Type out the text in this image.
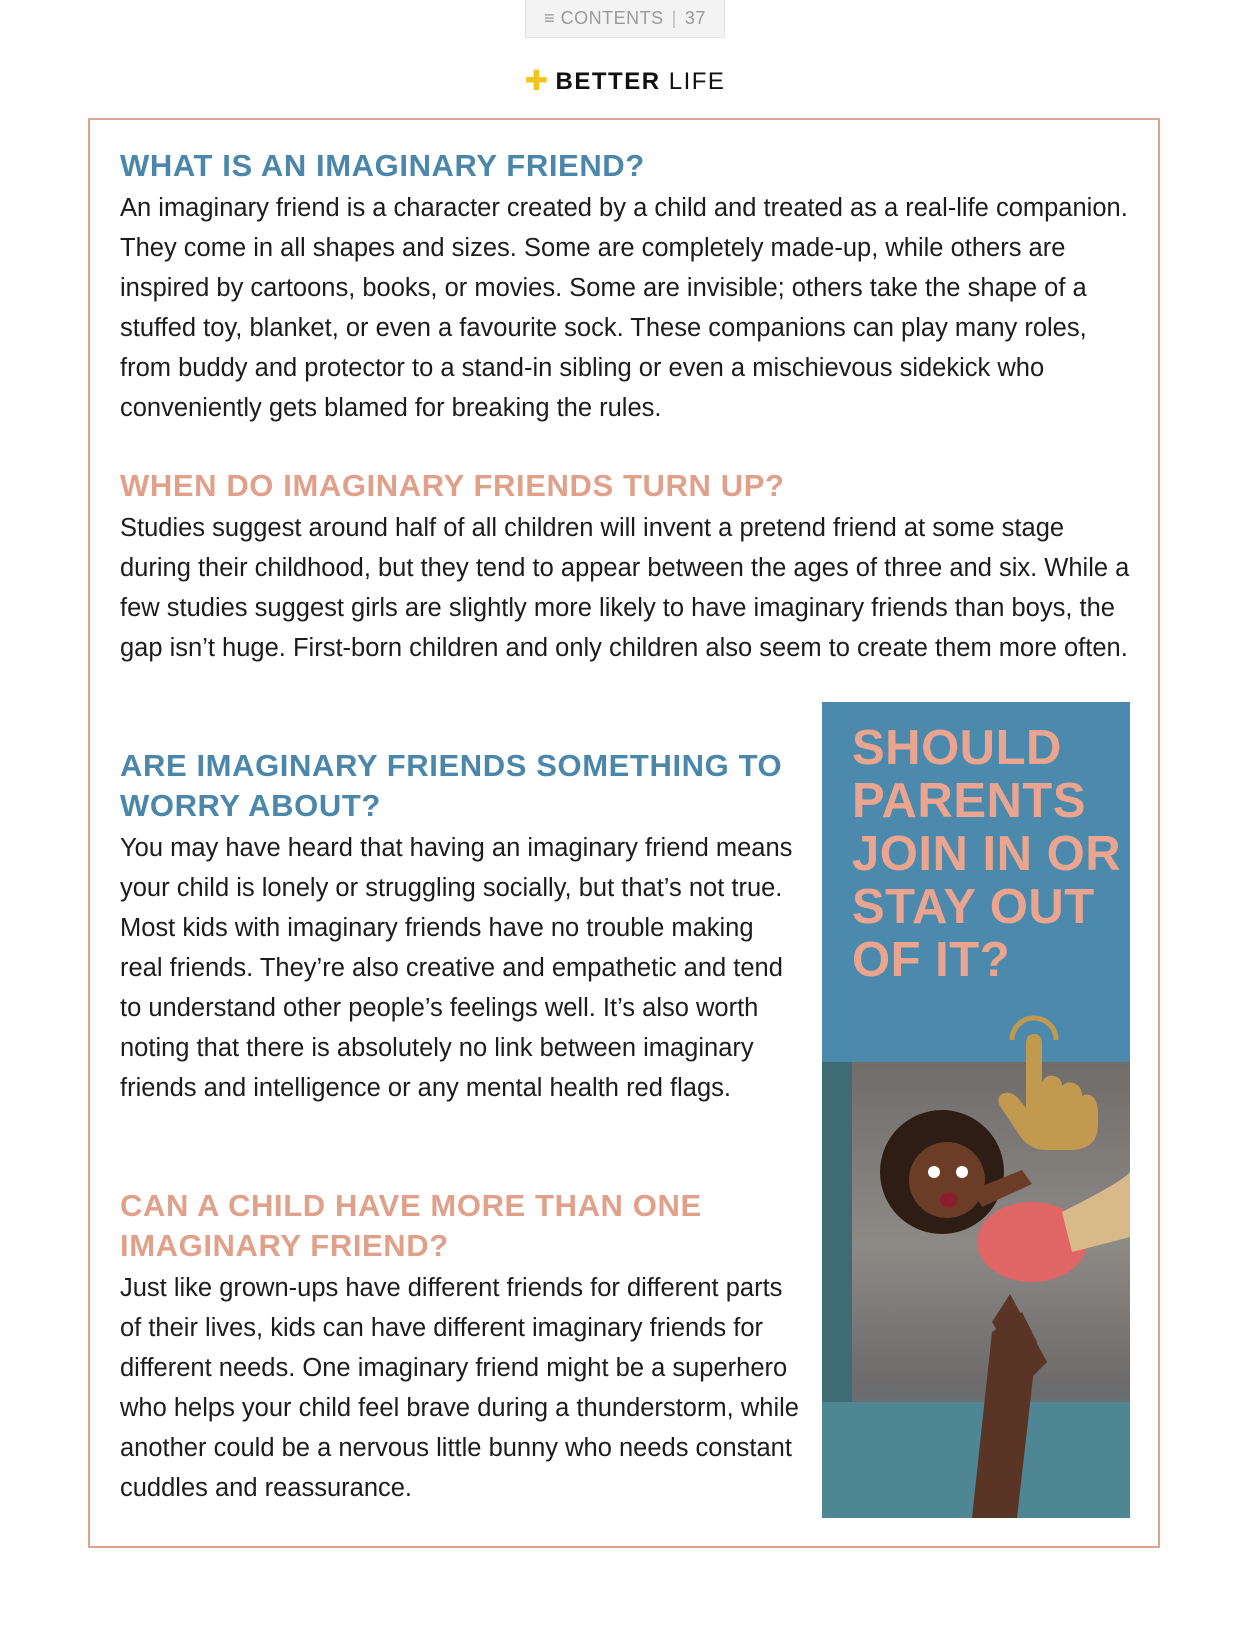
≡ CONTENTS | 37
✚ BETTER LIFE
WHAT IS AN IMAGINARY FRIEND?

An imaginary friend is a character created by a child and treated as a real-life companion. They come in all shapes and sizes. Some are completely made-up, while others are inspired by cartoons, books, or movies. Some are invisible; others take the shape of a stuffed toy, blanket, or even a favourite sock. These companions can play many roles, from buddy and protector to a stand-in sibling or even a mischievous sidekick who conveniently gets blamed for breaking the rules.

WHEN DO IMAGINARY FRIENDS TURN UP?

Studies suggest around half of all children will invent a pretend friend at some stage during their childhood, but they tend to appear between the ages of three and six. While a few studies suggest girls are slightly more likely to have imaginary friends than boys, the gap isn’t huge. First-born children and only children also seem to create them more often.

ARE IMAGINARY FRIENDS SOMETHING TO WORRY ABOUT?

You may have heard that having an imaginary friend means your child is lonely or struggling socially, but that’s not true. Most kids with imaginary friends have no trouble making real friends. They’re also creative and empathetic and tend to understand other people’s feelings well. It’s also worth noting that there is absolutely no link between imaginary friends and intelligence or any mental health red flags.

CAN A CHILD HAVE MORE THAN ONE IMAGINARY FRIEND?

Just like grown-ups have different friends for different parts of their lives, kids can have different imaginary friends for different needs. One imaginary friend might be a superhero who helps your child feel brave during a thunderstorm, while another could be a nervous little bunny who needs constant cuddles and reassurance.

SHOULD PARENTS JOIN IN OR STAY OUT OF IT?
